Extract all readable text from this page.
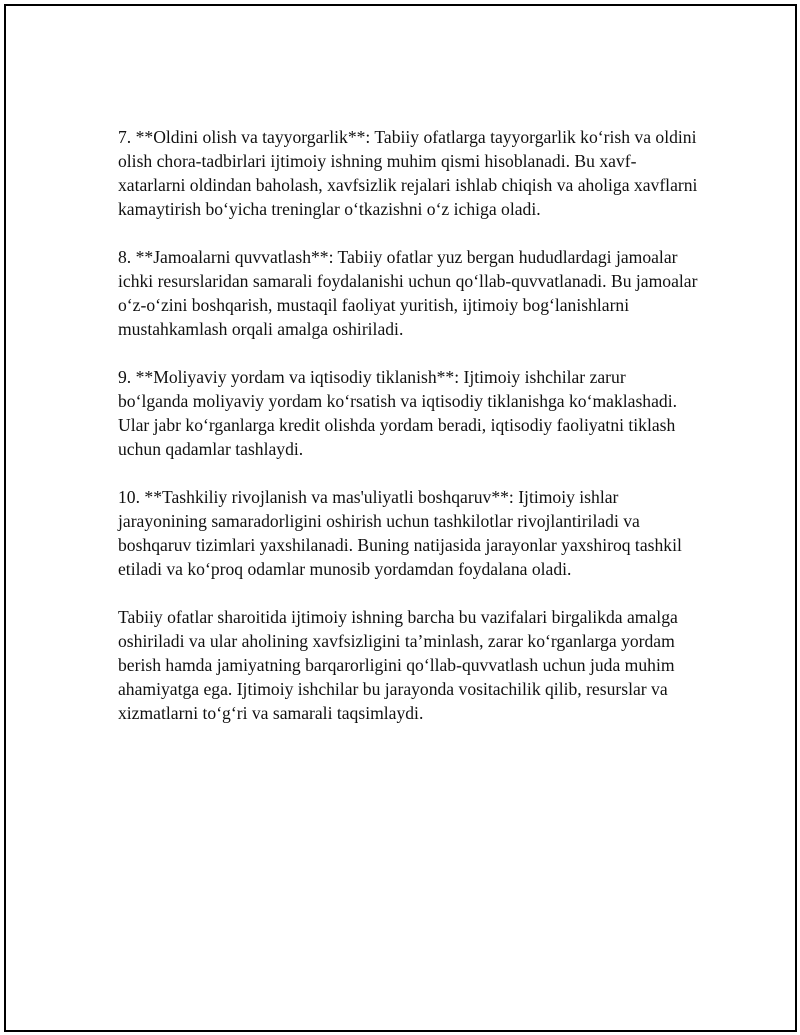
7. **Oldini olish va tayyorgarlik**: Tabiiy ofatlarga tayyorgarlik ko‘rish va oldini olish chora-tadbirlari ijtimoiy ishning muhim qismi hisoblanadi. Bu xavf-xatarlarni oldindan baholash, xavfsizlik rejalari ishlab chiqish va aholiga xavflarni kamaytirish bo‘yicha treninglar o‘tkazishni o‘z ichiga oladi.

8. **Jamoalarni quvvatlash**: Tabiiy ofatlar yuz bergan hududlardagi jamoalar ichki resurslaridan samarali foydalanishi uchun qo‘llab-quvvatlanadi. Bu jamoalar o‘z-o‘zini boshqarish, mustaqil faoliyat yuritish, ijtimoiy bog‘lanishlarni mustahkamlash orqali amalga oshiriladi.

9. **Moliyaviy yordam va iqtisodiy tiklanish**: Ijtimoiy ishchilar zarur bo‘lganda moliyaviy yordam ko‘rsatish va iqtisodiy tiklanishga ko‘maklashadi. Ular jabr ko‘rganlarga kredit olishda yordam beradi, iqtisodiy faoliyatni tiklash uchun qadamlar tashlaydi.

10. **Tashkiliy rivojlanish va mas'uliyatli boshqaruv**: Ijtimoiy ishlar jarayonining samaradorligini oshirish uchun tashkilotlar rivojlantiriladi va boshqaruv tizimlari yaxshilanadi. Buning natijasida jarayonlar yaxshiroq tashkil etiladi va ko‘proq odamlar munosib yordamdan foydalana oladi.

Tabiiy ofatlar sharoitida ijtimoiy ishning barcha bu vazifalari birgalikda amalga oshiriladi va ular aholining xavfsizligini ta’minlash, zarar ko‘rganlarga yordam berish hamda jamiyatning barqarorligini qo‘llab-quvvatlash uchun juda muhim ahamiyatga ega. Ijtimoiy ishchilar bu jarayonda vositachilik qilib, resurslar va xizmatlarni to‘g‘ri va samarali taqsimlaydi.
